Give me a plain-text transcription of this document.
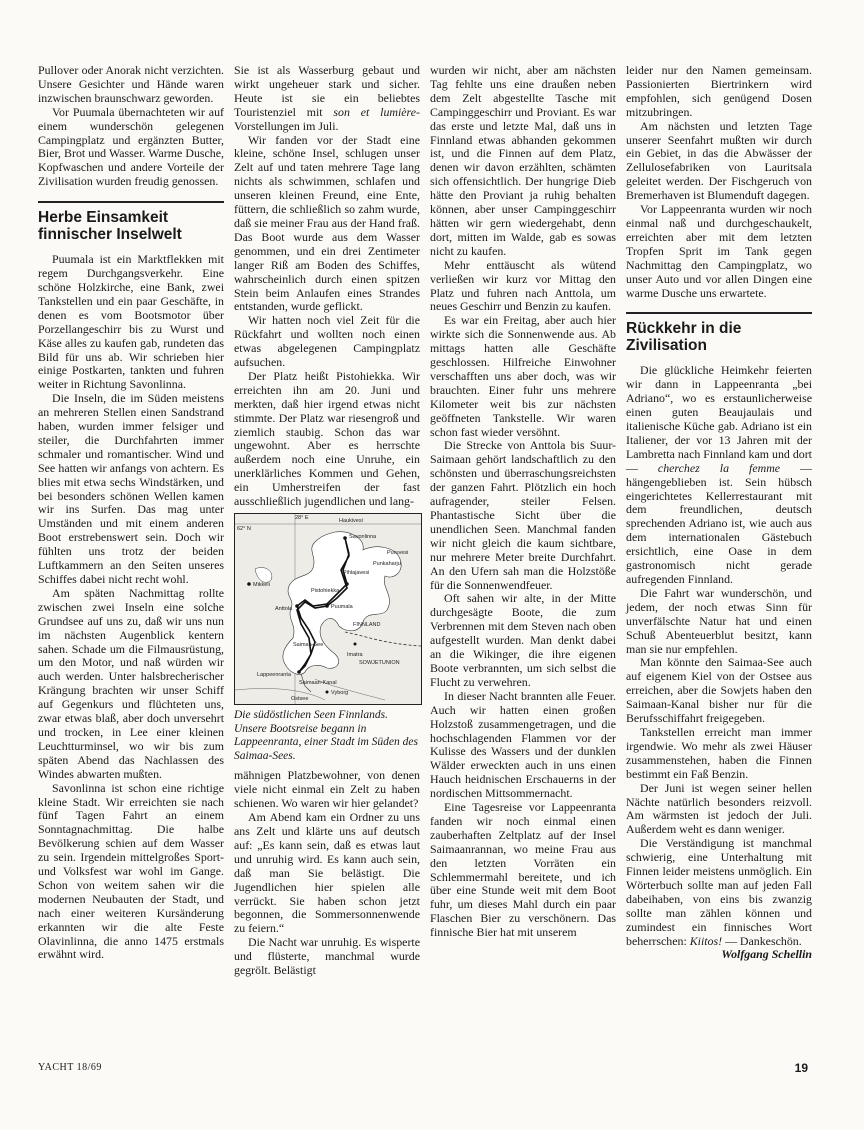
Pullover oder Anorak nicht verzichten. Unsere Gesichter und Hände waren inzwischen braunschwarz geworden.

Vor Puumala übernachteten wir auf einem wunderschön gelegenen Campingplatz und ergänzten Butter, Bier, Brot und Wasser. Warme Dusche, Kopfwaschen und andere Vorteile der Zivilisation wurden freudig genossen.

Herbe Einsamkeit finnischer Inselwelt

Puumala ist ein Marktflekken mit regem Durchgangsverkehr. Eine schöne Holzkirche, eine Bank, zwei Tankstellen und ein paar Geschäfte, in denen es vom Bootsmotor über Porzellangeschirr bis zu Wurst und Käse alles zu kaufen gab, rundeten das Bild für uns ab. Wir schrieben hier einige Postkarten, tankten und fuhren weiter in Richtung Savonlinna.

Die Inseln, die im Süden meistens an mehreren Stellen einen Sandstrand haben, wurden immer felsiger und steiler, die Durchfahrten immer schmaler und romantischer. Wind und See hatten wir anfangs von achtern. Es blies mit etwa sechs Windstärken, und bei besonders schönen Wellen kamen wir ins Surfen. Das mag unter Umständen und mit einem anderen Boot erstrebenswert sein. Doch wir fühlten uns trotz der beiden Luftkammern an den Seiten unseres Schiffes dabei nicht recht wohl.

Am späten Nachmittag rollte zwischen zwei Inseln eine solche Grundsee auf uns zu, daß wir uns nun im nächsten Augenblick kentern sahen. Schade um die Filmausrüstung, um den Motor, und naß würden wir auch werden. Unter halsbrecherischer Krängung brachten wir unser Schiff auf Gegenkurs und flüchteten uns, zwar etwas blaß, aber doch unversehrt und trocken, in Lee einer kleinen Leuchtturminsel, wo wir bis zum späten Abend das Nachlassen des Windes abwarten mußten.

Savonlinna ist schon eine richtige kleine Stadt. Wir erreichten sie nach fünf Tagen Fahrt an einem Sonntagnachmittag. Die halbe Bevölkerung schien auf dem Wasser zu sein. Irgendein mittelgroßes Sport- und Volksfest war wohl im Gange. Schon von weitem sahen wir die modernen Neubauten der Stadt, und nach einer weiteren Kursänderung erkannten wir die alte Feste Olavinlinna, die anno 1475 erstmals erwähnt wird.

Sie ist als Wasserburg gebaut und wirkt ungeheuer stark und sicher. Heute ist sie ein beliebtes Touristenziel mit son et lumière-Vorstellungen im Juli.

Wir fanden vor der Stadt eine kleine, schöne Insel, schlugen unser Zelt auf und taten mehrere Tage lang nichts als schwimmen, schlafen und unseren kleinen Freund, eine Ente, füttern, die schließlich so zahm wurde, daß sie meiner Frau aus der Hand fraß. Das Boot wurde aus dem Wasser genommen, und ein drei Zentimeter langer Riß am Boden des Schiffes, wahrscheinlich durch einen spitzen Stein beim Anlaufen eines Strandes entstanden, wurde geflickt.

Wir hatten noch viel Zeit für die Rückfahrt und wollten noch einen etwas abgelegenen Campingplatz aufsuchen.

Der Platz heißt Pistohiekka. Wir erreichten ihn am 20. Juni und merkten, daß hier irgend etwas nicht stimmte. Der Platz war riesengroß und ziemlich staubig. Schon das war ungewohnt. Aber es herrschte außerdem noch eine Unruhe, ein unerklärliches Kommen und Gehen, ein Umherstreifen der fast ausschließlich jugendlichen und lang-

28° E
62° N
Haukivesi
Savonlinna
Puruvesi
Punkaharju
Pihlajavesi
Mikkeli
Pistohiekka
Anttola	Puumala
FINNLAND
Saimaa-See
Imatra
SOWJETUNION
Lappeenranta
Saimaan-Kanal
Vyborg
Ostsee
Die südöstlichen Seen Finnlands. Unsere Bootsreise begann in Lappeenranta, einer Stadt im Süden des Saimaa-Sees.

mähnigen Platzbewohner, von denen viele nicht einmal ein Zelt zu haben schienen. Wo waren wir hier gelandet?

Am Abend kam ein Ordner zu uns ans Zelt und klärte uns auf deutsch auf: „Es kann sein, daß es etwas laut und unruhig wird. Es kann auch sein, daß man Sie belästigt. Die Jugendlichen hier spielen alle verrückt. Sie haben schon jetzt begonnen, die Sommersonnenwende zu feiern.“

Die Nacht war unruhig. Es wisperte und flüsterte, manchmal wurde gegrölt. Belästigt

wurden wir nicht, aber am nächsten Tag fehlte uns eine draußen neben dem Zelt abgestellte Tasche mit Campinggeschirr und Proviant. Es war das erste und letzte Mal, daß uns in Finnland etwas abhanden gekommen ist, und die Finnen auf dem Platz, denen wir davon erzählten, schämten sich offensichtlich. Der hungrige Dieb hätte den Proviant ja ruhig behalten können, aber unser Campinggeschirr hätten wir gern wiedergehabt, denn dort, mitten im Walde, gab es sowas nicht zu kaufen.

Mehr enttäuscht als wütend verließen wir kurz vor Mittag den Platz und fuhren nach Anttola, um neues Geschirr und Benzin zu kaufen.

Es war ein Freitag, aber auch hier wirkte sich die Sonnenwende aus. Ab mittags hatten alle Geschäfte geschlossen. Hilfreiche Einwohner verschafften uns aber doch, was wir brauchten. Einer fuhr uns mehrere Kilometer weit bis zur nächsten geöffneten Tankstelle. Wir waren schon fast wieder versöhnt.

Die Strecke von Anttola bis Suur-Saimaan gehört landschaftlich zu den schönsten und überraschungsreichsten der ganzen Fahrt. Plötzlich ein hoch aufragender, steiler Felsen. Phantastische Sicht über die unendlichen Seen. Manchmal fanden wir nicht gleich die kaum sichtbare, nur mehrere Meter breite Durchfahrt. An den Ufern sah man die Holzstöße für die Sonnenwendfeuer.

Oft sahen wir alte, in der Mitte durchgesägte Boote, die zum Verbrennen mit dem Steven nach oben aufgestellt wurden. Man denkt dabei an die Wikinger, die ihre eigenen Boote verbrannten, um sich selbst die Flucht zu verwehren.

In dieser Nacht brannten alle Feuer. Auch wir hatten einen großen Holzstoß zusammengetragen, und die hochschlagenden Flammen vor der Kulisse des Wassers und der dunklen Wälder erweckten auch in uns einen Hauch heidnischen Erschauerns in der nordischen Mittsommernacht.

Eine Tagesreise vor Lappeenranta fanden wir noch einmal einen zauberhaften Zeltplatz auf der Insel Saimaanrannan, wo meine Frau aus den letzten Vorräten ein Schlemmermahl bereitete, und ich über eine Stunde weit mit dem Boot fuhr, um dieses Mahl durch ein paar Flaschen Bier zu verschönern. Das finnische Bier hat mit unserem

leider nur den Namen gemeinsam. Passionierten Biertrinkern wird empfohlen, sich genügend Dosen mitzubringen.

Am nächsten und letzten Tage unserer Seenfahrt mußten wir durch ein Gebiet, in das die Abwässer der Zellulosefabriken von Lauritsala geleitet werden. Der Fischgeruch von Bremerhaven ist Blumenduft dagegen.

Vor Lappeenranta wurden wir noch einmal naß und durchgeschaukelt, erreichten aber mit dem letzten Tropfen Sprit im Tank gegen Nachmittag den Campingplatz, wo unser Auto und vor allen Dingen eine warme Dusche uns erwartete.

Rückkehr in die Zivilisation

Die glückliche Heimkehr feierten wir dann in Lappeenranta „bei Adriano“, wo es erstaunlicherweise einen guten Beaujaulais und italienische Küche gab. Adriano ist ein Italiener, der vor 13 Jahren mit der Lambretta nach Finnland kam und dort — cherchez la femme — hängengeblieben ist. Sein hübsch eingerichtetes Kellerrestaurant mit dem freundlichen, deutsch sprechenden Adriano ist, wie auch aus dem internationalen Gästebuch ersichtlich, eine Oase in dem gastronomisch nicht gerade aufregenden Finnland.

Die Fahrt war wunderschön, und jedem, der noch etwas Sinn für unverfälschte Natur hat und einen Schuß Abenteuerblut besitzt, kann man sie nur empfehlen.

Man könnte den Saimaa-See auch auf eigenem Kiel von der Ostsee aus erreichen, aber die Sowjets haben den Saimaan-Kanal bisher nur für die Berufsschiffahrt freigegeben.

Tankstellen erreicht man immer irgendwie. Wo mehr als zwei Häuser zusammenstehen, haben die Finnen bestimmt ein Faß Benzin.

Der Juni ist wegen seiner hellen Nächte natürlich besonders reizvoll. Am wärmsten ist jedoch der Juli. Außerdem weht es dann weniger.

Die Verständigung ist manchmal schwierig, eine Unterhaltung mit Finnen leider meistens unmöglich. Ein Wörterbuch sollte man auf jeden Fall dabeihaben, von eins bis zwanzig sollte man zählen können und zumindest ein finnisches Wort beherrschen: Kiitos! — Dankeschön.

Wolfgang Schellin
YACHT 18/69	19
